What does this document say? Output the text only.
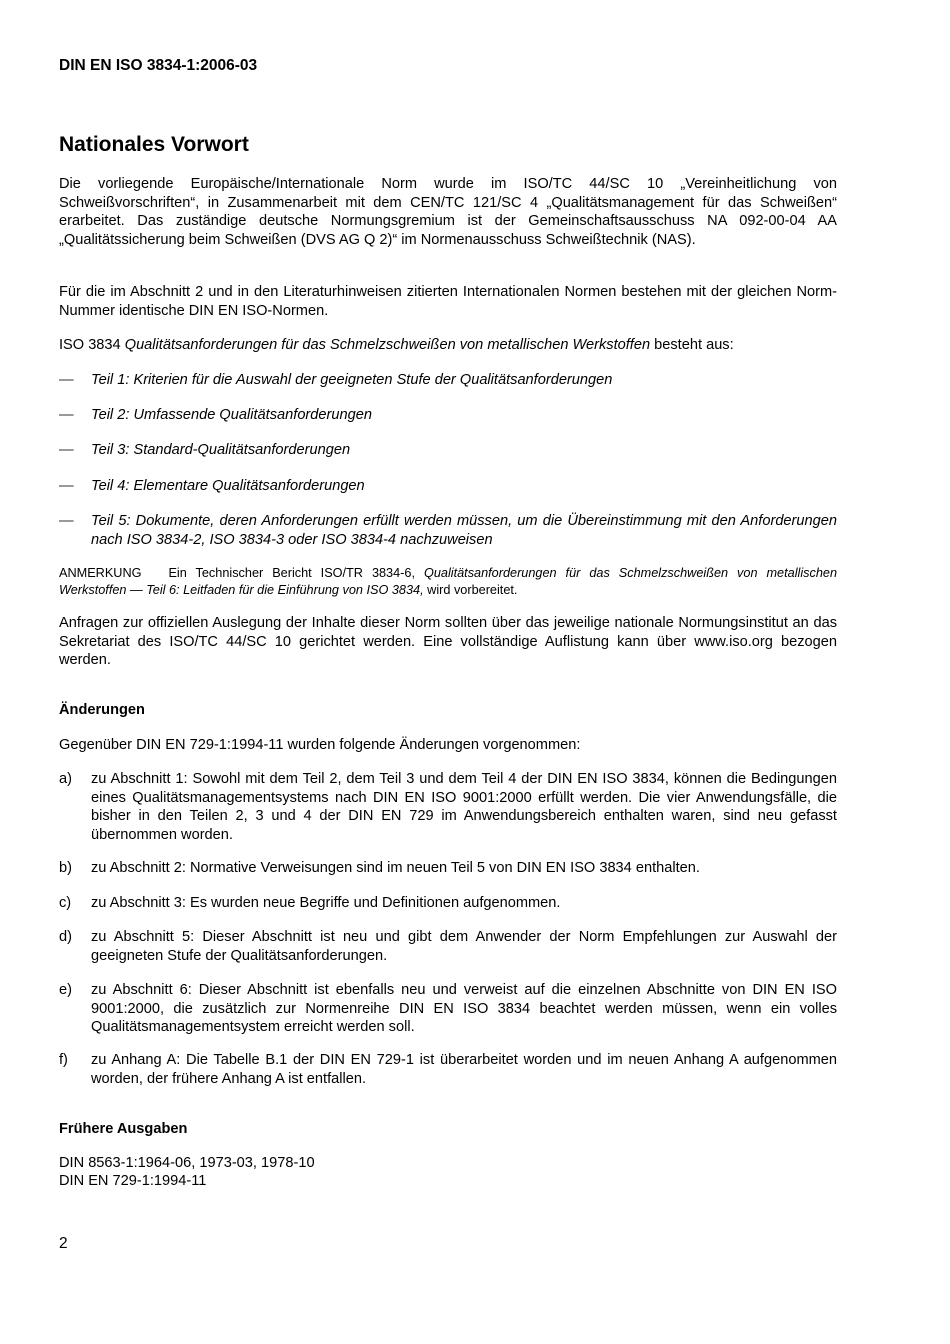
DIN EN ISO 3834-1:2006-03
Nationales Vorwort

Die vorliegende Europäische/Internationale Norm wurde im ISO/TC 44/SC 10 „Vereinheitlichung von Schweißvorschriften“, in Zusammenarbeit mit dem CEN/TC 121/SC 4 „Qualitätsmanagement für das Schweißen“ erarbeitet. Das zuständige deutsche Normungsgremium ist der Gemeinschaftsausschuss NA 092-00-04 AA „Qualitätssicherung beim Schweißen (DVS AG Q 2)“ im Normenausschuss Schweißtechnik (NAS).

Für die im Abschnitt 2 und in den Literaturhinweisen zitierten Internationalen Normen bestehen mit der gleichen Norm-Nummer identische DIN EN ISO-Normen.

ISO 3834 Qualitätsanforderungen für das Schmelzschweißen von metallischen Werkstoffen besteht aus:

—	Teil 1: Kriterien für die Auswahl der geeigneten Stufe der Qualitätsanforderungen
—	Teil 2: Umfassende Qualitätsanforderungen
—	Teil 3: Standard-Qualitätsanforderungen
—	Teil 4: Elementare Qualitätsanforderungen
—	Teil 5: Dokumente, deren Anforderungen erfüllt werden müssen, um die Übereinstimmung mit den Anforderungen nach ISO 3834-2, ISO 3834-3 oder ISO 3834-4 nachzuweisen
ANMERKUNG Ein Technischer Bericht ISO/TR 3834-6, Qualitätsanforderungen für das Schmelzschweißen von metallischen Werkstoffen — Teil 6: Leitfaden für die Einführung von ISO 3834, wird vorbereitet.

Anfragen zur offiziellen Auslegung der Inhalte dieser Norm sollten über das jeweilige nationale Normungsinstitut an das Sekretariat des ISO/TC 44/SC 10 gerichtet werden. Eine vollständige Auflistung kann über www.iso.org bezogen werden.

Änderungen

Gegenüber DIN EN 729-1:1994-11 wurden folgende Änderungen vorgenommen:

a) zu Abschnitt 1: Sowohl mit dem Teil 2, dem Teil 3 und dem Teil 4 der DIN EN ISO 3834, können die Bedingungen eines Qualitätsmanagementsystems nach DIN EN ISO 9001:2000 erfüllt werden. Die vier Anwendungsfälle, die bisher in den Teilen 2, 3 und 4 der DIN EN 729 im Anwendungsbereich enthalten waren, sind neu gefasst übernommen worden.
b) zu Abschnitt 2: Normative Verweisungen sind im neuen Teil 5 von DIN EN ISO 3834 enthalten.
c) zu Abschnitt 3: Es wurden neue Begriffe und Definitionen aufgenommen.
d) zu Abschnitt 5: Dieser Abschnitt ist neu und gibt dem Anwender der Norm Empfehlungen zur Auswahl der geeigneten Stufe der Qualitätsanforderungen.
e) zu Abschnitt 6: Dieser Abschnitt ist ebenfalls neu und verweist auf die einzelnen Abschnitte von DIN EN ISO 9001:2000, die zusätzlich zur Normenreihe DIN EN ISO 3834 beachtet werden müssen, wenn ein volles Qualitätsmanagementsystem erreicht werden soll.
f) zu Anhang A: Die Tabelle B.1 der DIN EN 729-1 ist überarbeitet worden und im neuen Anhang A aufgenommen worden, der frühere Anhang A ist entfallen.
Frühere Ausgaben
DIN 8563-1:1964-06, 1973-03, 1978-10
DIN EN 729-1:1994-11
2
